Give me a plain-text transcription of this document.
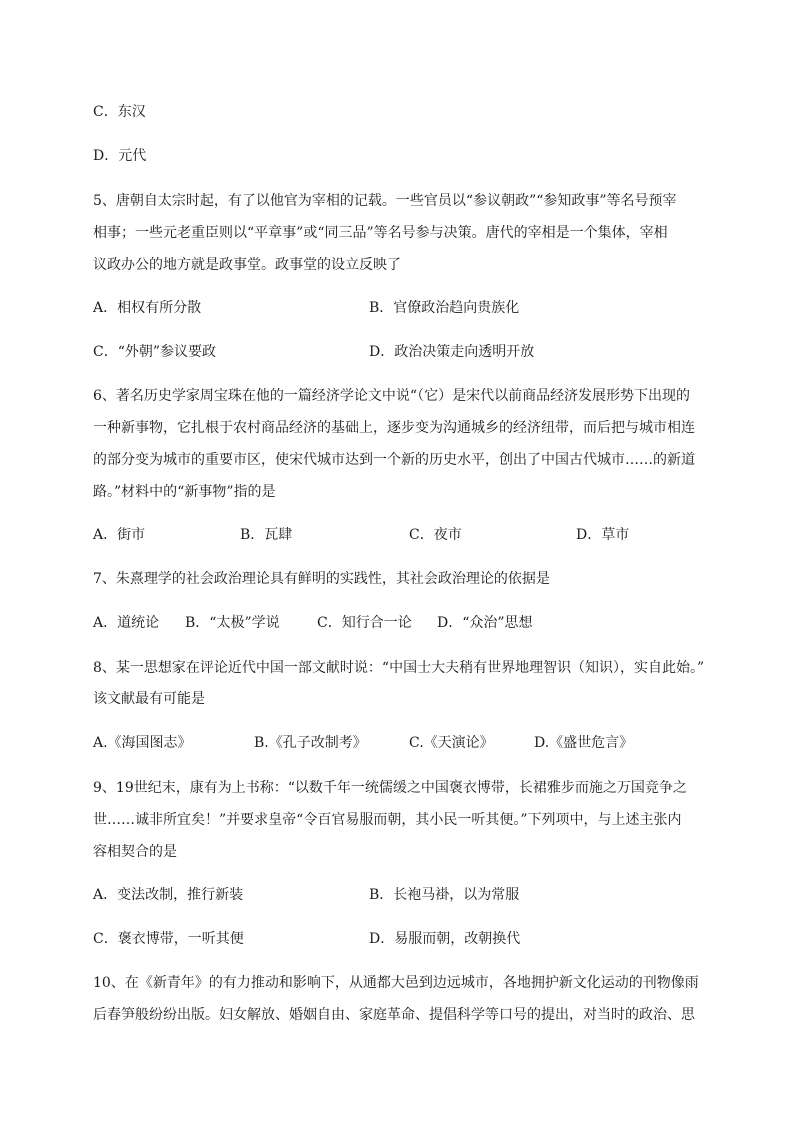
C．东汉
D．元代
5、唐朝自太宗时起，有了以他官为宰相的记载。一些官员以“参议朝政”“参知政事”等名号预宰
相事；一些元老重臣则以“平章事”或“同三品”等名号参与决策。唐代的宰相是一个集体，宰相
议政办公的地方就是政事堂。政事堂的设立反映了
A．相权有所分散	B．官僚政治趋向贵族化
C．“外朝”参议要政	D．政治决策走向透明开放
6、著名历史学家周宝珠在他的一篇经济学论文中说“（它）是宋代以前商品经济发展形势下出现的
一种新事物，它扎根于农村商品经济的基础上，逐步变为沟通城乡的经济纽带，而后把与城市相连
的部分变为城市的重要市区，使宋代城市达到一个新的历史水平，创出了中国古代城市……的新道
路。”材料中的“新事物”指的是
A．街市	B．瓦肆	C．夜市	D．草市
7、朱熹理学的社会政治理论具有鲜明的实践性，其社会政治理论的依据是
A．道统论 B．“太极”学说	C．知行合一论 D．“众治”思想
8、某一思想家在评论近代中国一部文献时说：“中国士大夫稍有世界地理智识（知识），实自此始。”
该文献最有可能是
A.《海国图志》	B.《孔子改制考》	C.《天演论》	D.《盛世危言》
9、19世纪末，康有为上书称：“以数千年一统儒缓之中国褒衣博带，长裙雅步而施之万国竞争之
世……诚非所宜矣！”并要求皇帝“令百官易服而朝，其小民一听其便。”下列项中，与上述主张内
容相契合的是
A．变法改制，推行新装	B．长袍马褂，以为常服
C．褒衣博带，一听其便	D．易服而朝，改朝换代
10、在《新青年》的有力推动和影响下，从通都大邑到边远城市，各地拥护新文化运动的刊物像雨
后春笋般纷纷出版。妇女解放、婚姻自由、家庭革命、提倡科学等口号的提出，对当时的政治、思
